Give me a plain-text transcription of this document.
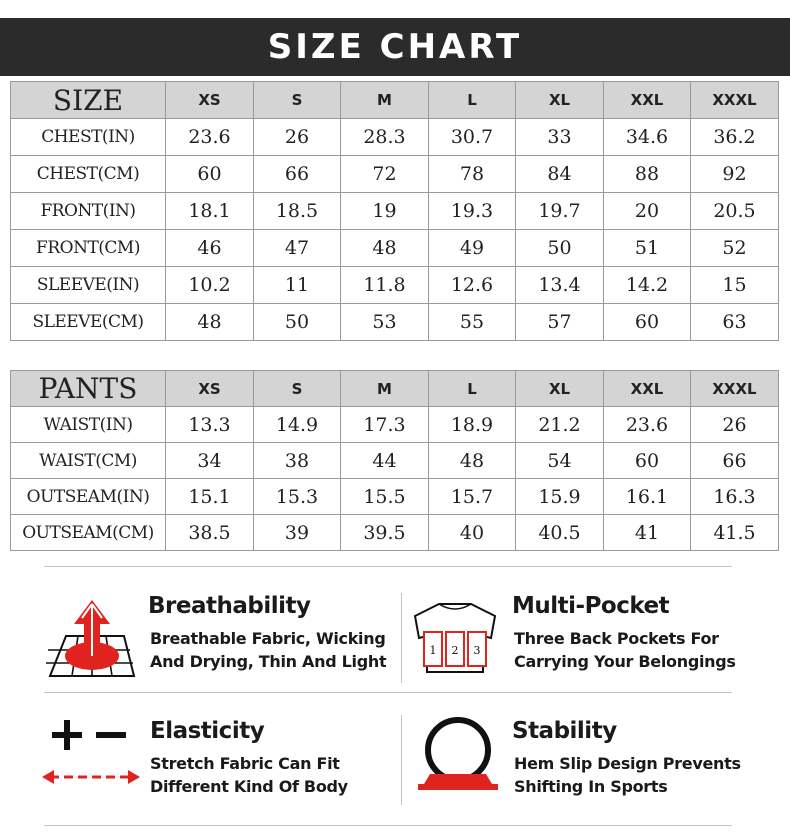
SIZE CHART
SIZE	XS	S	M	L	XL	XXL	XXXL
CHEST(IN)	23.6	26	28.3	30.7	33	34.6	36.2
CHEST(CM)	60	66	72	78	84	88	92
FRONT(IN)	18.1	18.5	19	19.3	19.7	20	20.5
FRONT(CM)	46	47	48	49	50	51	52
SLEEVE(IN)	10.2	11	11.8	12.6	13.4	14.2	15
SLEEVE(CM)	48	50	53	55	57	60	63
PANTS	XS	S	M	L	XL	XXL	XXXL
WAIST(IN)	13.3	14.9	17.3	18.9	21.2	23.6	26
WAIST(CM)	34	38	44	48	54	60	66
OUTSEAM(IN)	15.1	15.3	15.5	15.7	15.9	16.1	16.3
OUTSEAM(CM)	38.5	39	39.5	40	40.5	41	41.5
Breathability
Breathable Fabric, Wicking
And Drying, Thin And Light
1 2 3
Multi-Pocket
Three Back Pockets For
Carrying Your Belongings
Elasticity
Stretch Fabric Can Fit
Different Kind Of Body
Stability
Hem Slip Design Prevents
Shifting In Sports
